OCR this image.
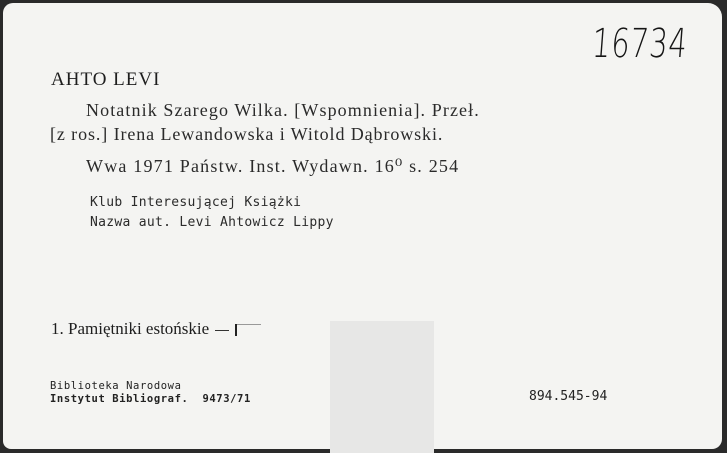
16734
AHTO LEVI
Notatnik Szarego Wilka. [Wspomnienia]. Przeł.
[z ros.] Irena Lewandowska i Witold Dąbrowski.
Wwa 1971 Państw. Inst. Wydawn. 16⁰ s. 254
Klub Interesującej Książki
Nazwa aut. Levi Ahtowicz Lippy
1. Pamiętniki estońskie
Biblioteka Narodowa
Instytut Bibliograf. 9473/71	894.545-94
